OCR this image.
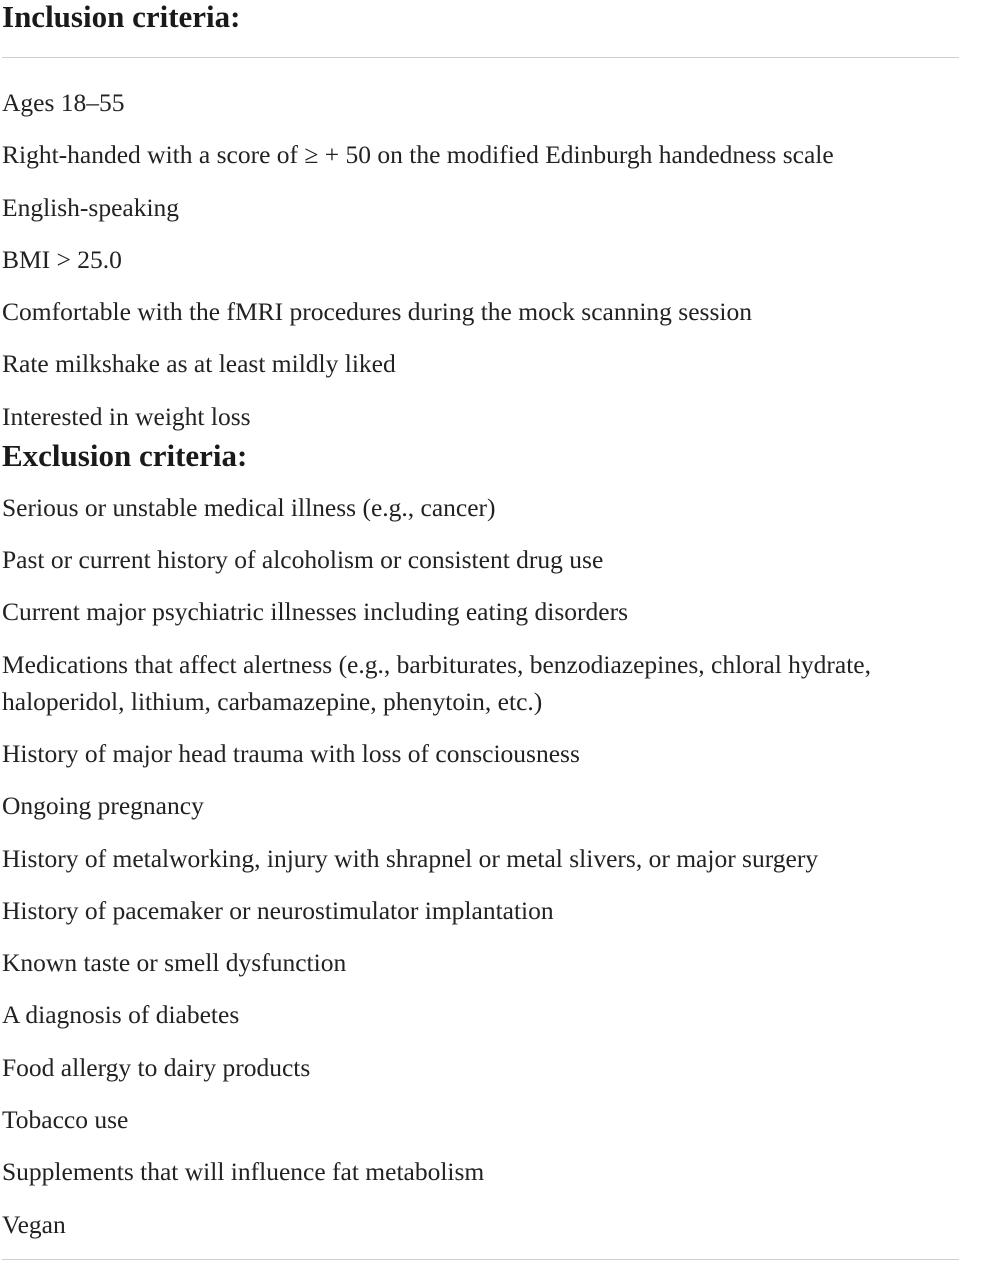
Inclusion criteria:
Ages 18–55
Right-handed with a score of ≥ + 50 on the modified Edinburgh handedness scale
English-speaking
BMI > 25.0
Comfortable with the fMRI procedures during the mock scanning session
Rate milkshake as at least mildly liked
Interested in weight loss
Exclusion criteria:
Serious or unstable medical illness (e.g., cancer)
Past or current history of alcoholism or consistent drug use
Current major psychiatric illnesses including eating disorders
Medications that affect alertness (e.g., barbiturates, benzodiazepines, chloral hydrate, haloperidol, lithium, carbamazepine, phenytoin, etc.)
History of major head trauma with loss of consciousness
Ongoing pregnancy
History of metalworking, injury with shrapnel or metal slivers, or major surgery
History of pacemaker or neurostimulator implantation
Known taste or smell dysfunction
A diagnosis of diabetes
Food allergy to dairy products
Tobacco use
Supplements that will influence fat metabolism
Vegan
